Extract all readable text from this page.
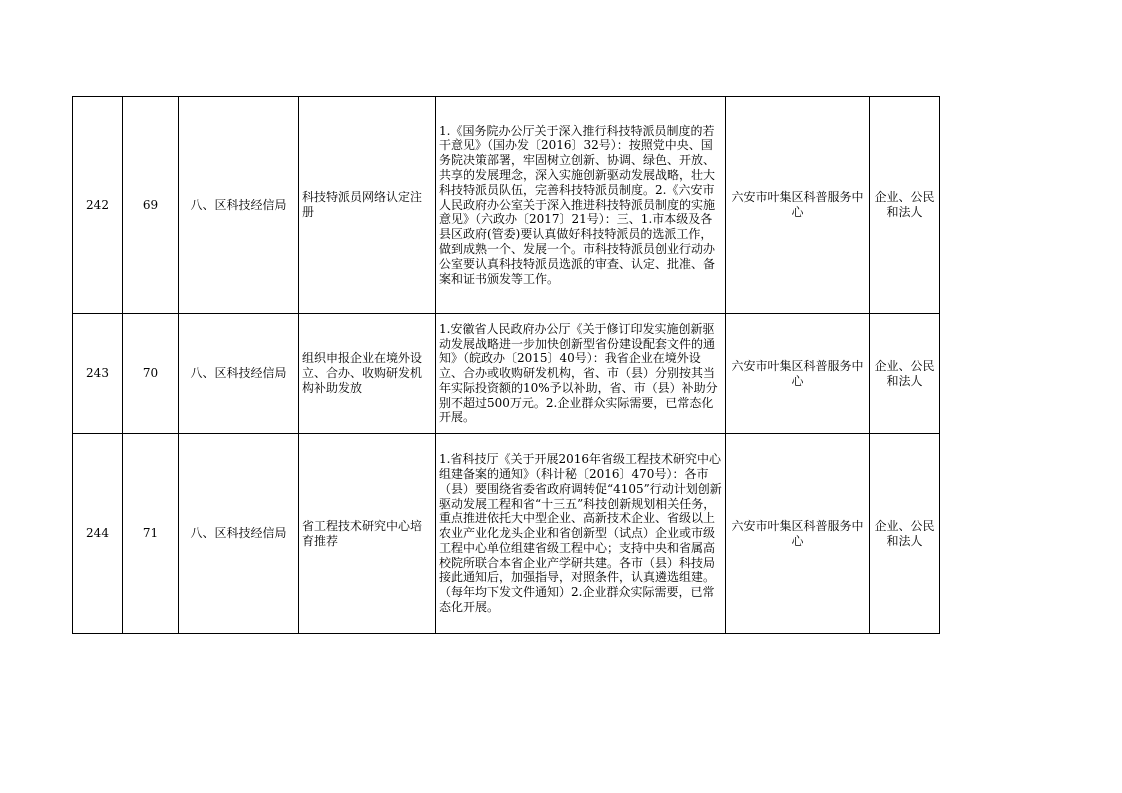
242	69	八、区科技经信局	科技特派员网络认定注册	1.《国务院办公厅关于深入推行科技特派员制度的若干意见》（国办发〔2016〕32号）：按照党中央、国务院决策部署，牢固树立创新、协调、绿色、开放、共享的发展理念，深入实施创新驱动发展战略，壮大科技特派员队伍，完善科技特派员制度。2.《六安市人民政府办公室关于深入推进科技特派员制度的实施意见》（六政办〔2017〕21号）：三、1.市本级及各县区政府(管委)要认真做好科技特派员的选派工作，做到成熟一个、发展一个。市科技特派员创业行动办公室要认真科技特派员选派的审查、认定、批准、备案和证书颁发等工作。	六安市叶集区科普服务中心	企业、公民和法人
243	70	八、区科技经信局	组织申报企业在境外设立、合办、收购研发机构补助发放	1.安徽省人民政府办公厅《关于修订印发实施创新驱动发展战略进一步加快创新型省份建设配套文件的通知》（皖政办〔2015〕40号）：我省企业在境外设立、合办或收购研发机构，省、市（县）分别按其当年实际投资额的10%予以补助，省、市（县）补助分别不超过500万元。2.企业群众实际需要，已常态化开展。	六安市叶集区科普服务中心	企业、公民和法人
244	71	八、区科技经信局	省工程技术研究中心培育推荐	1.省科技厅《关于开展2016年省级工程技术研究中心组建备案的通知》（科计秘〔2016〕470号）：各市（县）要围绕省委省政府调转促“4105”行动计划创新驱动发展工程和省“十三五”科技创新规划相关任务，重点推进依托大中型企业、高新技术企业、省级以上农业产业化龙头企业和省创新型（试点）企业或市级工程中心单位组建省级工程中心；支持中央和省属高校院所联合本省企业产学研共建。各市（县）科技局接此通知后，加强指导，对照条件，认真遴选组建。（每年均下发文件通知）2.企业群众实际需要，已常态化开展。	六安市叶集区科普服务中心	企业、公民和法人
